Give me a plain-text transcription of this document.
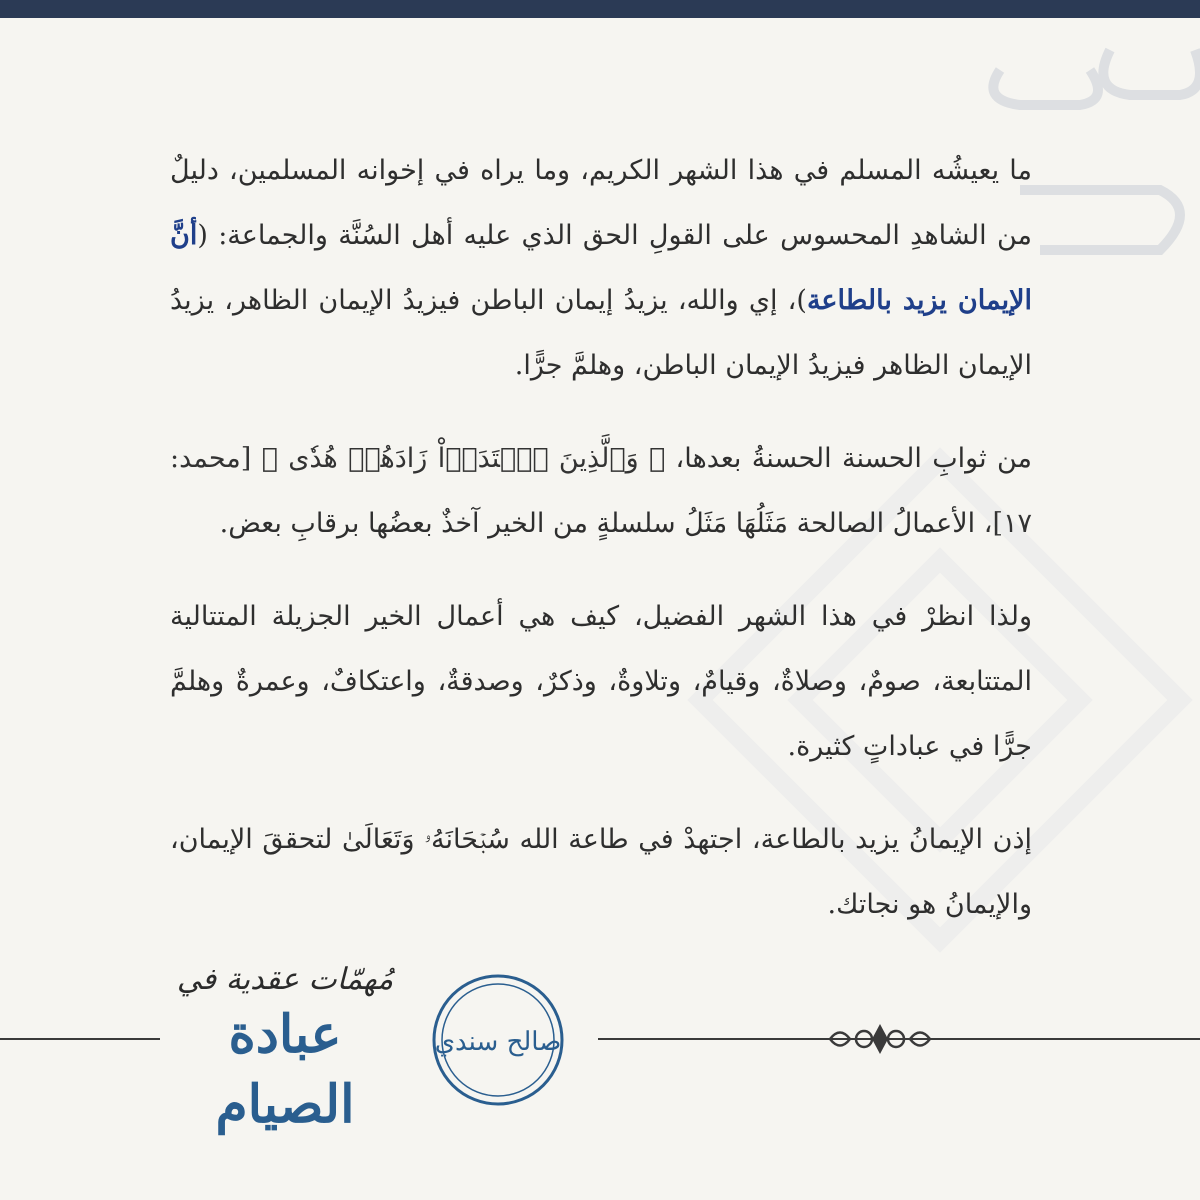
ما يعيشُه المسلم في هذا الشهر الكريم، وما يراه في إخوانه المسلمين، دليلٌ من الشاهدِ المحسوس على القولِ الحق الذي عليه أهل السُنَّة والجماعة: (أنَّ الإيمان يزيد بالطاعة)، إي والله، يزيدُ إيمان الباطن فيزيدُ الإيمان الظاهر، يزيدُ الإيمان الظاهر فيزيدُ الإيمان الباطن، وهلمَّ جرًّا.

من ثوابِ الحسنة الحسنةُ بعدها، ﴿ وَٱلَّذِينَ ٱهۡتَدَوۡاْ زَادَهُمۡ هُدٗى ﴾ [محمد: ١٧]، الأعمالُ الصالحة مَثَلُهَا مَثَلُ سلسلةٍ من الخير آخذٌ بعضُها برقابِ بعض.

ولذا انظرْ في هذا الشهر الفضيل، كيف هي أعمال الخير الجزيلة المتتالية المتتابعة، صومٌ، وصلاةٌ، وقيامٌ، وتلاوةٌ، وذكرٌ، وصدقةٌ، واعتكافٌ، وعمرةٌ وهلمَّ جرًّا في عباداتٍ كثيرة.

إذن الإيمانُ يزيد بالطاعة، اجتهدْ في طاعة الله سُبۡحَانَهُۥ وَتَعَالَىٰ لتحققَ الإيمان، والإيمانُ هو نجاتك.

صالح سندي
مُهمّات عقدية في
عبادة الصيام
